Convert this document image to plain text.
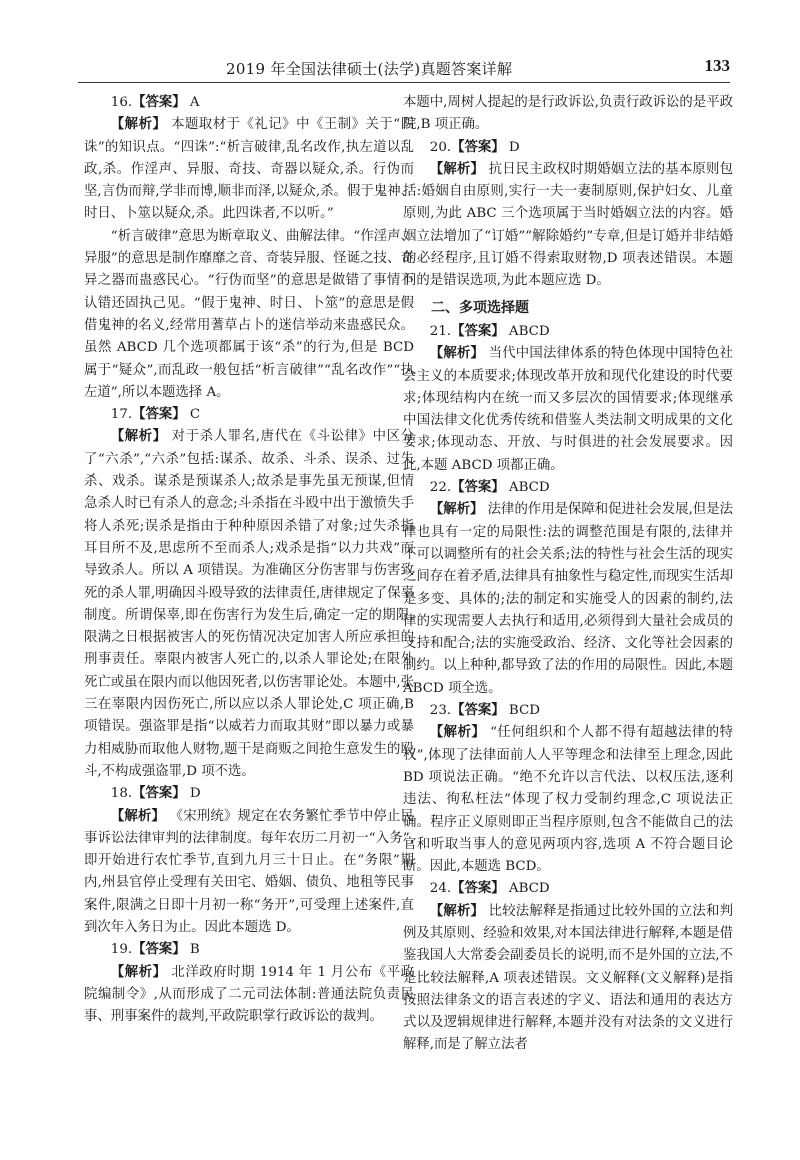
2019 年全国法律硕士(法学)真题答案详解	133

16.【答案】 A

【解析】 本题取材于《礼记》中《王制》关于“四诛”的知识点。“四诛”:“析言破律,乱名改作,执左道以乱政,杀。作淫声、异服、奇技、奇器以疑众,杀。行伪而坚,言伪而辩,学非而博,顺非而泽,以疑众,杀。假于鬼神、时日、卜筮以疑众,杀。此四诛者,不以听。”

“析言破律”意思为断章取义、曲解法律。“作淫声、异服”的意思是制作靡靡之音、奇装异服、怪诞之技、奇异之器而蛊惑民心。“行伪而坚”的意思是做错了事情不认错还固执己见。“假于鬼神、时日、卜筮”的意思是假借鬼神的名义,经常用蓍草占卜的迷信举动来蛊惑民众。虽然 ABCD 几个选项都属于该“杀”的行为,但是 BCD 属于“疑众”,而乱政一般包括“析言破律”“乱名改作”“执左道”,所以本题选择 A。

17.【答案】 C

【解析】 对于杀人罪名,唐代在《斗讼律》中区分了“六杀”,“六杀”包括:谋杀、故杀、斗杀、误杀、过失杀、戏杀。谋杀是预谋杀人;故杀是事先虽无预谋,但情急杀人时已有杀人的意念;斗杀指在斗殴中出于激愤失手将人杀死;误杀是指由于种种原因杀错了对象;过失杀指耳目所不及,思虑所不至而杀人;戏杀是指“以力共戏”而导致杀人。所以 A 项错误。为准确区分伤害罪与伤害致死的杀人罪,明确因斗殴导致的法律责任,唐律规定了保辜制度。所谓保辜,即在伤害行为发生后,确定一定的期限,限满之日根据被害人的死伤情况决定加害人所应承担的刑事责任。辜限内被害人死亡的,以杀人罪论处;在限外死亡或虽在限内而以他因死者,以伤害罪论处。本题中,张三在辜限内因伤死亡,所以应以杀人罪论处,C 项正确,B 项错误。强盗罪是指“以威若力而取其财”即以暴力或暴力相威胁而取他人财物,题干是商贩之间抢生意发生的殴斗,不构成强盗罪,D 项不选。

18.【答案】 D

【解析】 《宋刑统》规定在农务繁忙季节中停止民事诉讼法律审判的法律制度。每年农历二月初一“入务”,即开始进行农忙季节,直到九月三十日止。在“务限”期内,州县官停止受理有关田宅、婚姻、债负、地租等民事案件,限满之日即十月初一称“务开”,可受理上述案件,直到次年入务日为止。因此本题选 D。

19.【答案】 B

【解析】 北洋政府时期 1914 年 1 月公布《平政院编制令》,从而形成了二元司法体制:普通法院负责民事、刑事案件的裁判,平政院职掌行政诉讼的裁判。

本题中,周树人提起的是行政诉讼,负责行政诉讼的是平政院,B 项正确。

20.【答案】 D

【解析】 抗日民主政权时期婚姻立法的基本原则包括:婚姻自由原则,实行一夫一妻制原则,保护妇女、儿童原则,为此 ABC 三个选项属于当时婚姻立法的内容。婚姻立法增加了“订婚”“解除婚约”专章,但是订婚并非结婚的必经程序,且订婚不得索取财物,D 项表述错误。本题问的是错误选项,为此本题应选 D。

二、多项选择题

21.【答案】 ABCD

【解析】 当代中国法律体系的特色体现中国特色社会主义的本质要求;体现改革开放和现代化建设的时代要求;体现结构内在统一而又多层次的国情要求;体现继承中国法律文化优秀传统和借鉴人类法制文明成果的文化要求;体现动态、开放、与时俱进的社会发展要求。因此,本题 ABCD 项都正确。

22.【答案】 ABCD

【解析】 法律的作用是保障和促进社会发展,但是法律也具有一定的局限性:法的调整范围是有限的,法律并不可以调整所有的社会关系;法的特性与社会生活的现实之间存在着矛盾,法律具有抽象性与稳定性,而现实生活却是多变、具体的;法的制定和实施受人的因素的制约,法律的实现需要人去执行和适用,必须得到大量社会成员的支持和配合;法的实施受政治、经济、文化等社会因素的制约。以上种种,都导致了法的作用的局限性。因此,本题 ABCD 项全选。

23.【答案】 BCD

【解析】 “任何组织和个人都不得有超越法律的特权”,体现了法律面前人人平等理念和法律至上理念,因此 BD 项说法正确。“绝不允许以言代法、以权压法,逐利违法、徇私枉法”体现了权力受制约理念,C 项说法正确。程序正义原则即正当程序原则,包含不能做自己的法官和听取当事人的意见两项内容,选项 A 不符合题目论断。因此,本题选 BCD。

24.【答案】 ABCD

【解析】 比较法解释是指通过比较外国的立法和判例及其原则、经验和效果,对本国法律进行解释,本题是借鉴我国人大常委会副委员长的说明,而不是外国的立法,不是比较法解释,A 项表述错误。文义解释(文义解释)是指按照法律条文的语言表述的字义、语法和通用的表达方式以及逻辑规律进行解释,本题并没有对法条的文义进行解释,而是了解立法者
